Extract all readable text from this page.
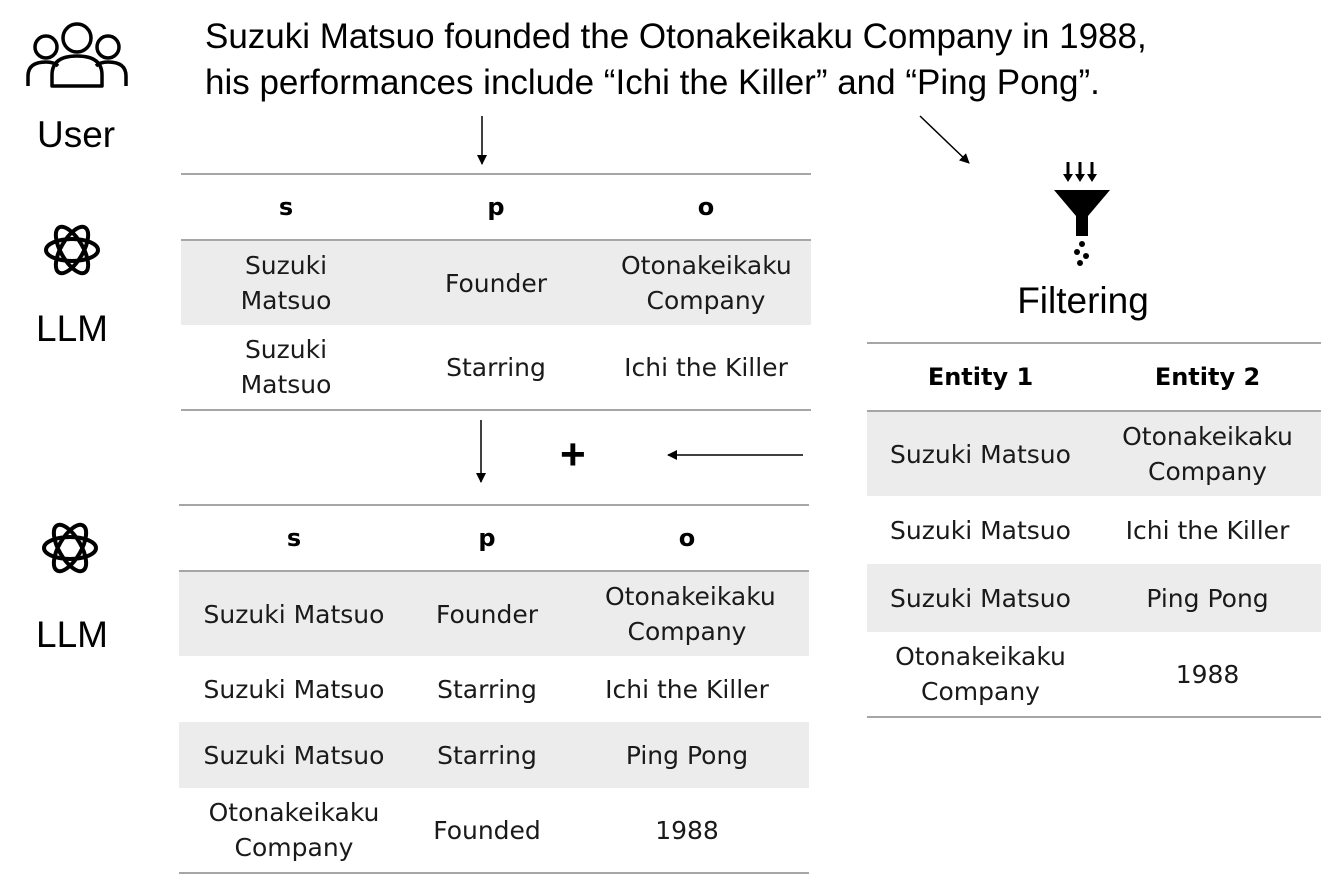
Suzuki Matsuo founded the Otonakeikaku Company in 1988,
his performances include “Ichi the Killer” and “Ping Pong”.
User
LLM
LLM
+
Filtering
s	p	o
Suzuki Matsuo	Founder	Otonakeikaku Company
Suzuki Matsuo	Starring	Ichi the Killer
s	p	o
Suzuki Matsuo	Founder	Otonakeikaku Company
Suzuki Matsuo	Starring	Ichi the Killer
Suzuki Matsuo	Starring	Ping Pong
Otonakeikaku Company	Founded	1988
Entity 1	Entity 2
Suzuki Matsuo	Otonakeikaku Company
Suzuki Matsuo	Ichi the Killer
Suzuki Matsuo	Ping Pong
Otonakeikaku Company	1988
